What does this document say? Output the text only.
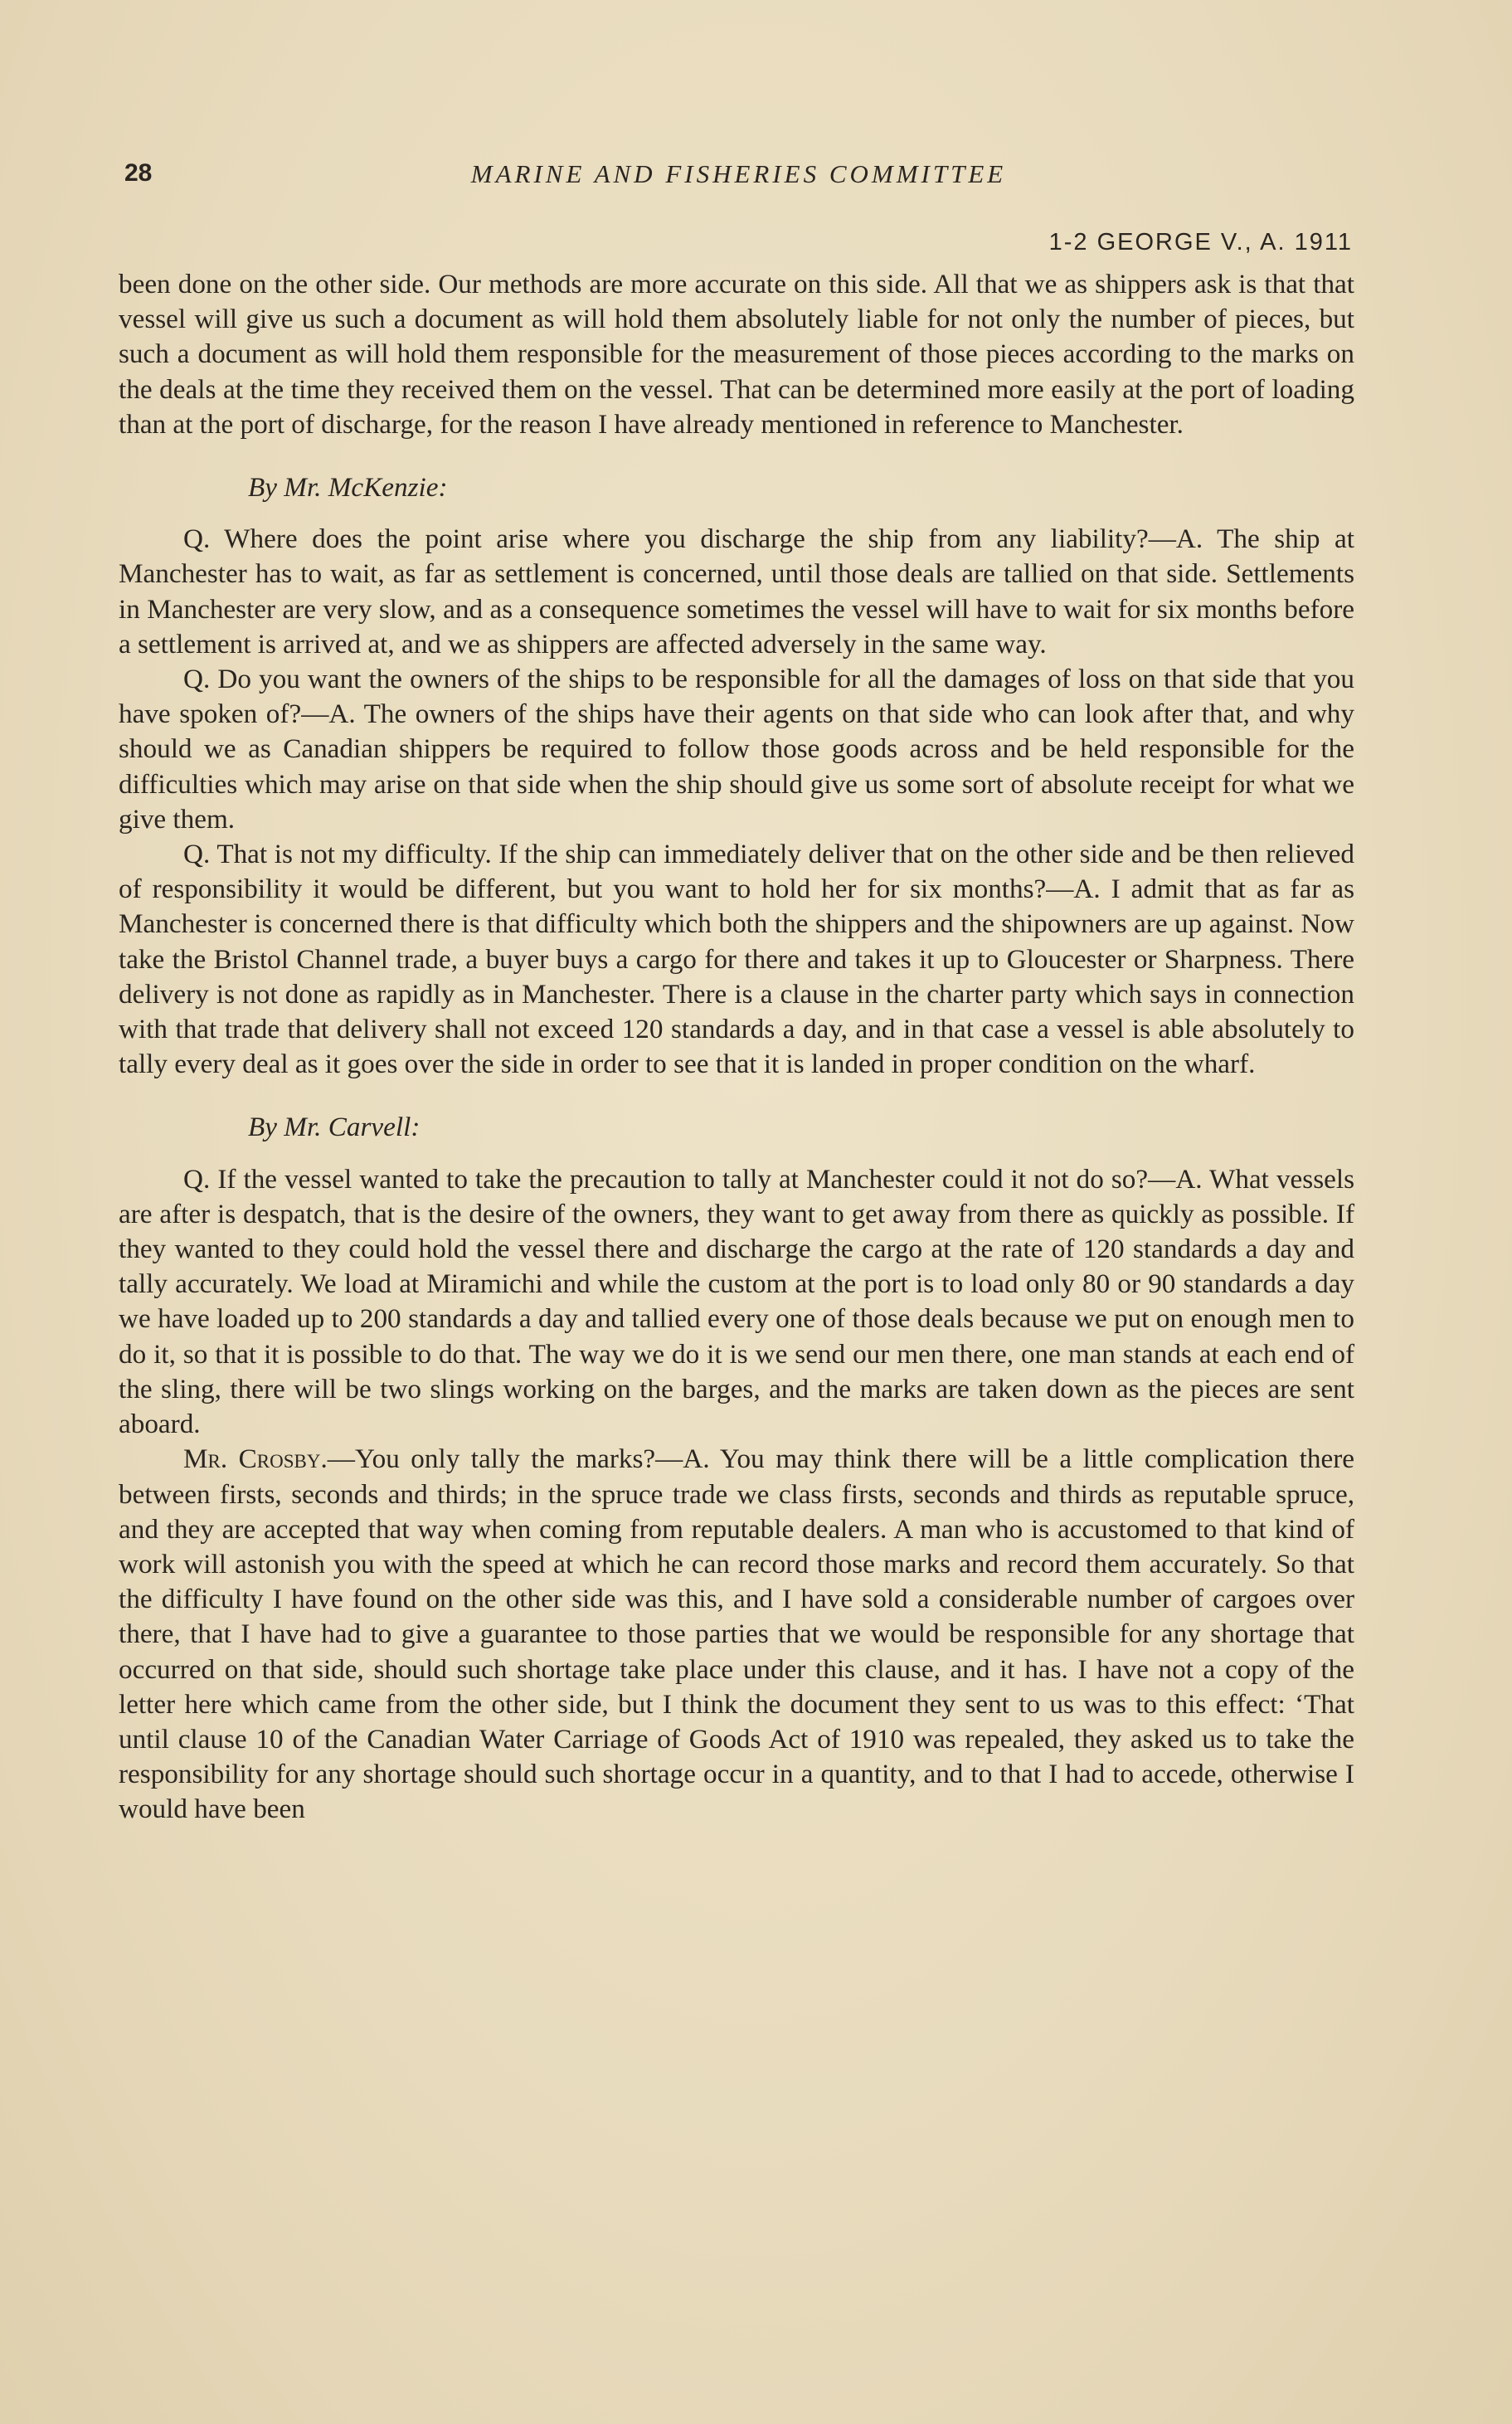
28	MARINE AND FISHERIES COMMITTEE
1-2 GEORGE V., A. 1911

been done on the other side. Our methods are more accurate on this side. All that we as shippers ask is that that vessel will give us such a document as will hold them absolutely liable for not only the number of pieces, but such a document as will hold them responsible for the measurement of those pieces according to the marks on the deals at the time they received them on the vessel. That can be determined more easily at the port of loading than at the port of discharge, for the reason I have already mentioned in reference to Manchester.

By Mr. McKenzie:

Q. Where does the point arise where you discharge the ship from any liability?—A. The ship at Manchester has to wait, as far as settlement is concerned, until those deals are tallied on that side. Settlements in Manchester are very slow, and as a consequence sometimes the vessel will have to wait for six months before a settlement is arrived at, and we as shippers are affected adversely in the same way.

Q. Do you want the owners of the ships to be responsible for all the damages of loss on that side that you have spoken of?—A. The owners of the ships have their agents on that side who can look after that, and why should we as Canadian shippers be required to follow those goods across and be held responsible for the difficulties which may arise on that side when the ship should give us some sort of absolute receipt for what we give them.

Q. That is not my difficulty. If the ship can immediately deliver that on the other side and be then relieved of responsibility it would be different, but you want to hold her for six months?—A. I admit that as far as Manchester is concerned there is that difficulty which both the shippers and the shipowners are up against. Now take the Bristol Channel trade, a buyer buys a cargo for there and takes it up to Gloucester or Sharpness. There delivery is not done as rapidly as in Manchester. There is a clause in the charter party which says in connection with that trade that delivery shall not exceed 120 standards a day, and in that case a vessel is able absolutely to tally every deal as it goes over the side in order to see that it is landed in proper condition on the wharf.

By Mr. Carvell:

Q. If the vessel wanted to take the precaution to tally at Manchester could it not do so?—A. What vessels are after is despatch, that is the desire of the owners, they want to get away from there as quickly as possible. If they wanted to they could hold the vessel there and discharge the cargo at the rate of 120 standards a day and tally accurately. We load at Miramichi and while the custom at the port is to load only 80 or 90 standards a day we have loaded up to 200 standards a day and tallied every one of those deals because we put on enough men to do it, so that it is possible to do that. The way we do it is we send our men there, one man stands at each end of the sling, there will be two slings working on the barges, and the marks are taken down as the pieces are sent aboard.

Mr. Crosby.—You only tally the marks?—A. You may think there will be a little complication there between firsts, seconds and thirds; in the spruce trade we class firsts, seconds and thirds as reputable spruce, and they are accepted that way when coming from reputable dealers. A man who is accustomed to that kind of work will astonish you with the speed at which he can record those marks and record them accurately. So that the difficulty I have found on the other side was this, and I have sold a considerable number of cargoes over there, that I have had to give a guarantee to those parties that we would be responsible for any shortage that occurred on that side, should such shortage take place under this clause, and it has. I have not a copy of the letter here which came from the other side, but I think the document they sent to us was to this effect: ‘That until clause 10 of the Canadian Water Carriage of Goods Act of 1910 was repealed, they asked us to take the responsibility for any shortage should such shortage occur in a quantity, and to that I had to accede, otherwise I would have been
